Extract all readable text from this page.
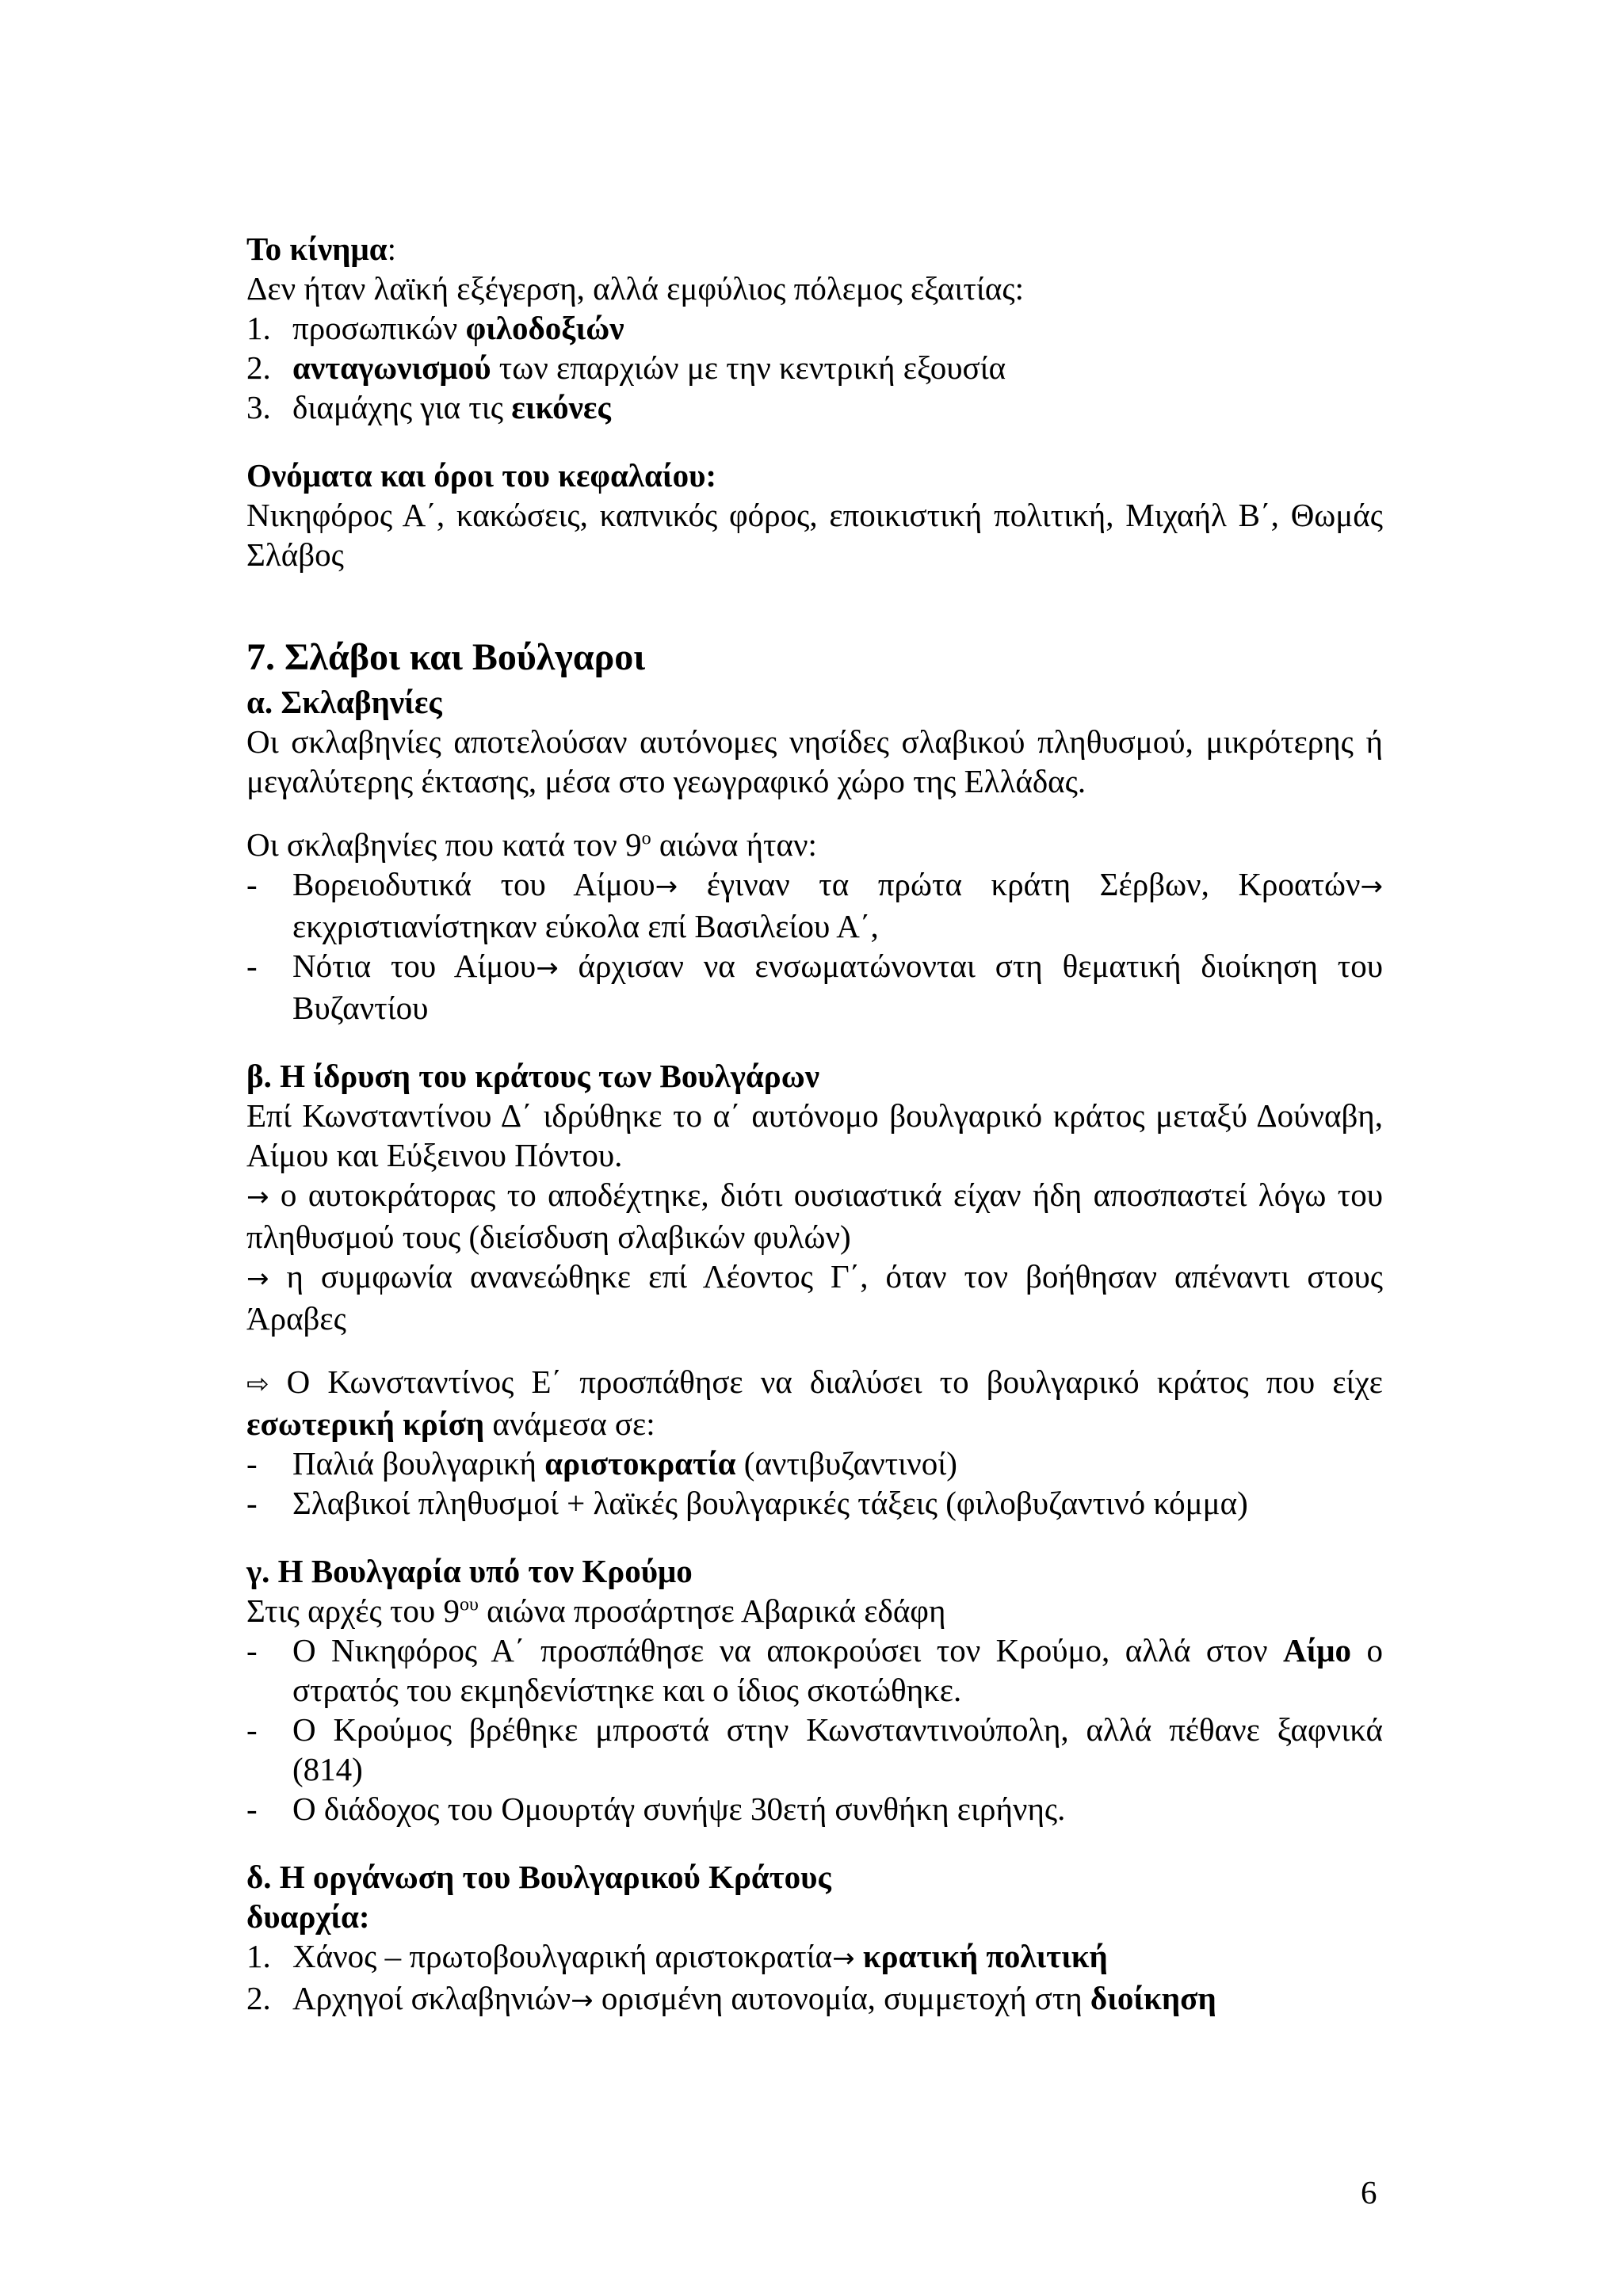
Το κίνημα:

Δεν ήταν λαϊκή εξέγερση, αλλά εμφύλιος πόλεμος εξαιτίας:

1. προσωπικών φιλοδοξιών
2. ανταγωνισμού των επαρχιών με την κεντρική εξουσία
3. διαμάχης για τις εικόνες

Ονόματα και όροι του κεφαλαίου:

Νικηφόρος Α΄, κακώσεις, καπνικός φόρος, εποικιστική πολιτική, Μιχαήλ Β΄, Θωμάς Σλάβος

7. Σλάβοι και Βούλγαροι

α. Σκλαβηνίες

Οι σκλαβηνίες αποτελούσαν αυτόνομες νησίδες σλαβικού πληθυσμού, μικρότερης ή μεγαλύτερης έκτασης, μέσα στο γεωγραφικό χώρο της Ελλάδας.

Οι σκλαβηνίες που κατά τον $9^o$ αιώνα ήταν:

-	Βορειοδυτικά του Αίμου→ έγιναν τα πρώτα κράτη Σέρβων, Κροατών→ εκχριστιανίστηκαν εύκολα επί Βασιλείου Α΄,
-	Νότια του Αίμου→ άρχισαν να ενσωματώνονται στη θεματική διοίκηση του Βυζαντίου

β. Η ίδρυση του κράτους των Βουλγάρων

Επί Κωνσταντίνου Δ΄ ιδρύθηκε το α΄ αυτόνομο βουλγαρικό κράτος μεταξύ Δούναβη, Αίμου και Εύξεινου Πόντου.

→ ο αυτοκράτορας το αποδέχτηκε, διότι ουσιαστικά είχαν ήδη αποσπαστεί λόγω του πληθυσμού τους (διείσδυση σλαβικών φυλών)

→ η συμφωνία ανανεώθηκε επί Λέοντος Γ΄, όταν τον βοήθησαν απέναντι στους Άραβες

⇨ Ο Κωνσταντίνος Ε΄ προσπάθησε να διαλύσει το βουλγαρικό κράτος που είχε εσωτερική κρίση ανάμεσα σε:

-	Παλιά βουλγαρική αριστοκρατία (αντιβυζαντινοί)
-	Σλαβικοί πληθυσμοί + λαϊκές βουλγαρικές τάξεις (φιλοβυζαντινό κόμμα)

γ. Η Βουλγαρία υπό τον Κρούμο

Στις αρχές του $9^{o\upsilon}$ αιώνα προσάρτησε Αβαρικά εδάφη

-	Ο Νικηφόρος Α΄ προσπάθησε να αποκρούσει τον Κρούμο, αλλά στον Αίμο ο στρατός του εκμηδενίστηκε και ο ίδιος σκοτώθηκε.
-	Ο Κρούμος βρέθηκε μπροστά στην Κωνσταντινούπολη, αλλά πέθανε ξαφνικά (814)
-	Ο διάδοχος του Ομουρτάγ συνήψε 30ετή συνθήκη ειρήνης.

δ. Η οργάνωση του Βουλγαρικού Κράτους

δυαρχία:

1. Χάνος – πρωτοβουλγαρική αριστοκρατία→ κρατική πολιτική
2. Αρχηγοί σκλαβηνιών→ ορισμένη αυτονομία, συμμετοχή στη διοίκηση
6
